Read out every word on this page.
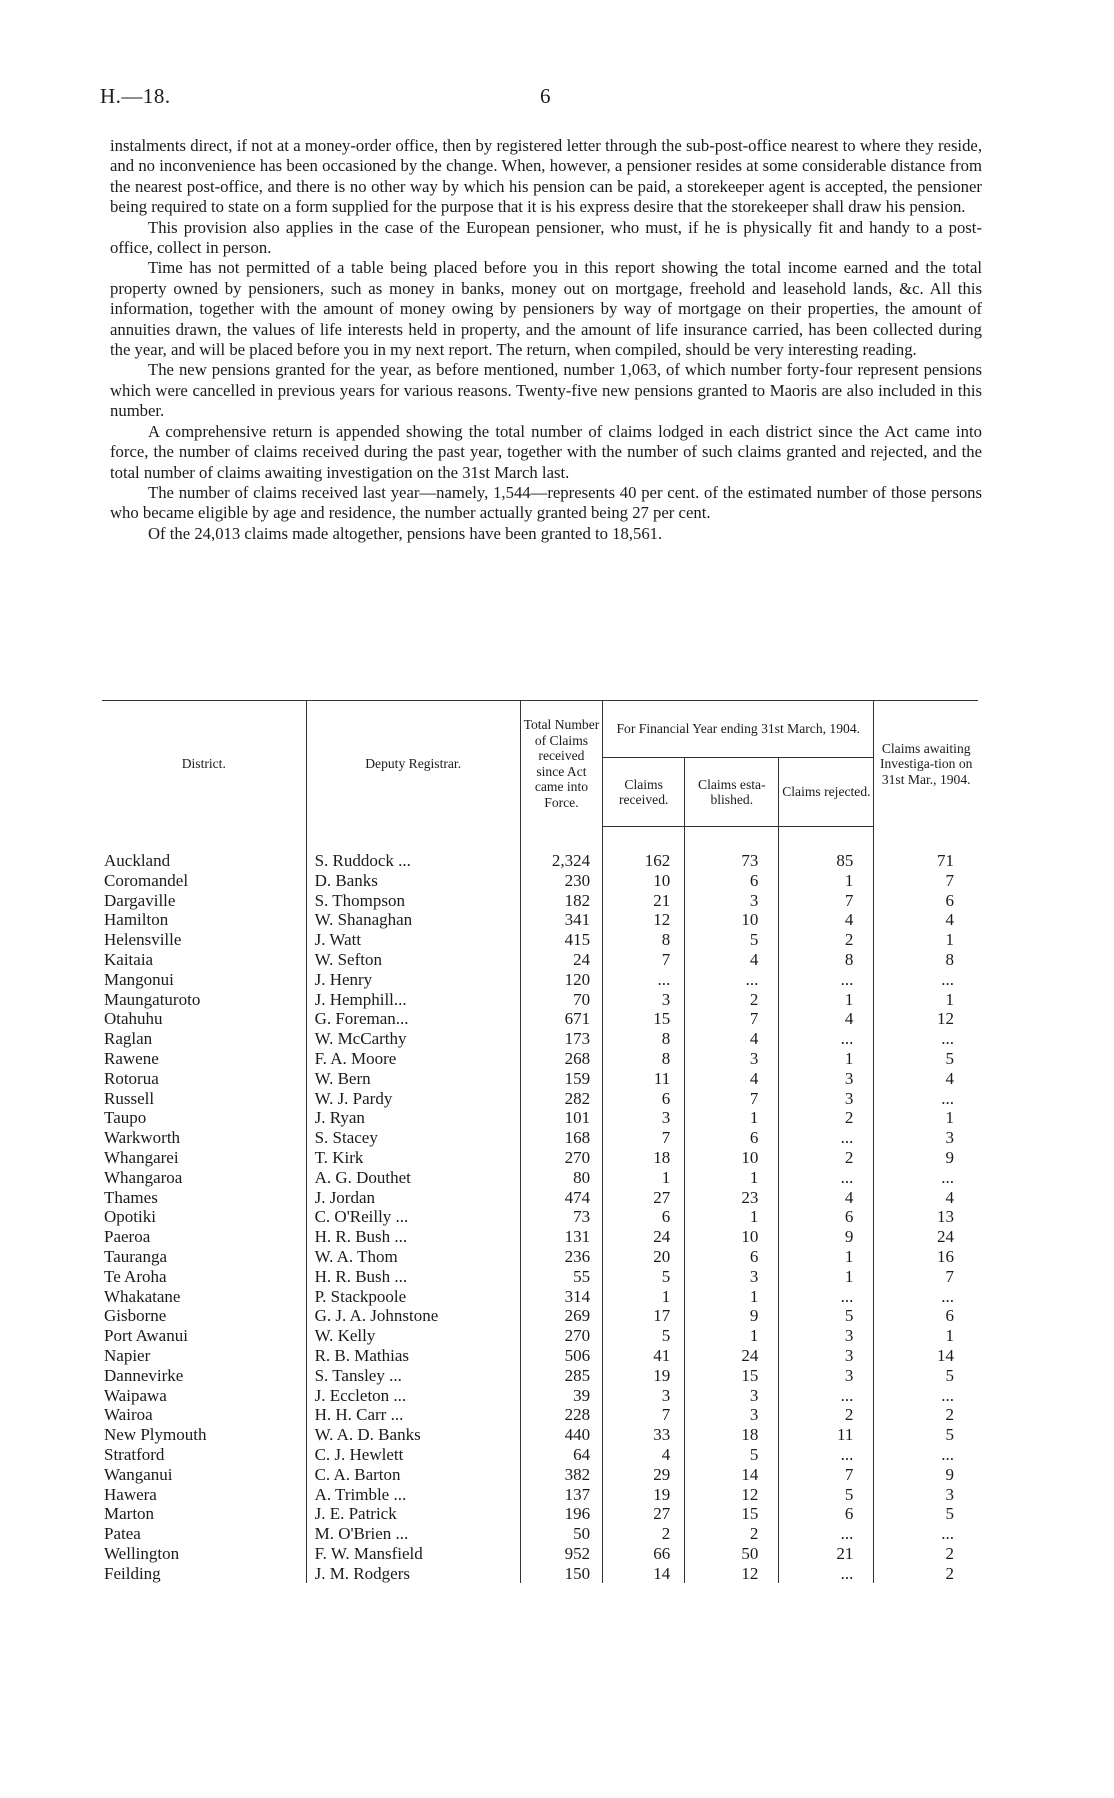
H.—18.	6

instalments direct, if not at a money-order office, then by registered letter through the sub-post-office nearest to where they reside, and no inconvenience has been occasioned by the change. When, however, a pensioner resides at some considerable distance from the nearest post-office, and there is no other way by which his pension can be paid, a storekeeper agent is accepted, the pensioner being required to state on a form supplied for the purpose that it is his express desire that the storekeeper shall draw his pension.

This provision also applies in the case of the European pensioner, who must, if he is physically fit and handy to a post-office, collect in person.

Time has not permitted of a table being placed before you in this report showing the total income earned and the total property owned by pensioners, such as money in banks, money out on mortgage, freehold and leasehold lands, &c. All this information, together with the amount of money owing by pensioners by way of mortgage on their properties, the amount of annuities drawn, the values of life interests held in property, and the amount of life insurance carried, has been collected during the year, and will be placed before you in my next report. The return, when compiled, should be very interesting reading.

The new pensions granted for the year, as before mentioned, number 1,063, of which number forty-four represent pensions which were cancelled in previous years for various reasons. Twenty-five new pensions granted to Maoris are also included in this number.

A comprehensive return is appended showing the total number of claims lodged in each district since the Act came into force, the number of claims received during the past year, together with the number of such claims granted and rejected, and the total number of claims awaiting investigation on the 31st March last.

The number of claims received last year—namely, 1,544—represents 40 per cent. of the estimated number of those persons who became eligible by age and residence, the number actually granted being 27 per cent.

Of the 24,013 claims made altogether, pensions have been granted to 18,561.

District.	Deputy Registrar.	Total Number of Claims received since Act came into Force.	For Financial Year ending 31st March, 1904.			Claims awaiting Investiga-tion on 31st Mar., 1904.
			Claims received.	Claims esta-blished.	Claims rejected.	

Auckland	S. Ruddock ...	2,324	162	73	85	71
Coromandel	D. Banks	230	10	6	1	7
Dargaville	S. Thompson	182	21	3	7	6
Hamilton	W. Shanaghan	341	12	10	4	4
Helensville	J. Watt	415	8	5	2	1
Kaitaia	W. Sefton	24	7	4	8	8
Mangonui	J. Henry	120	...	...	...	...
Maungaturoto	J. Hemphill...	70	3	2	1	1
Otahuhu	G. Foreman...	671	15	7	4	12
Raglan	W. McCarthy	173	8	4	...	...
Rawene	F. A. Moore	268	8	3	1	5
Rotorua	W. Bern	159	11	4	3	4
Russell	W. J. Pardy	282	6	7	3	...
Taupo	J. Ryan	101	3	1	2	1
Warkworth	S. Stacey	168	7	6	...	3
Whangarei	T. Kirk	270	18	10	2	9
Whangaroa	A. G. Douthet	80	1	1	...	...
Thames	J. Jordan	474	27	23	4	4
Opotiki	C. O'Reilly ...	73	6	1	6	13
Paeroa	H. R. Bush ...	131	24	10	9	24
Tauranga	W. A. Thom	236	20	6	1	16
Te Aroha	H. R. Bush ...	55	5	3	1	7
Whakatane	P. Stackpoole	314	1	1	...	...
Gisborne	G. J. A. Johnstone	269	17	9	5	6
Port Awanui	W. Kelly	270	5	1	3	1
Napier	R. B. Mathias	506	41	24	3	14
Dannevirke	S. Tansley ...	285	19	15	3	5
Waipawa	J. Eccleton ...	39	3	3	...	...
Wairoa	H. H. Carr ...	228	7	3	2	2
New Plymouth	W. A. D. Banks	440	33	18	11	5
Stratford	C. J. Hewlett	64	4	5	...	...
Wanganui	C. A. Barton	382	29	14	7	9
Hawera	A. Trimble ...	137	19	12	5	3
Marton	J. E. Patrick	196	27	15	6	5
Patea	M. O'Brien ...	50	2	2	...	...
Wellington	F. W. Mansfield	952	66	50	21	2
Feilding	J. M. Rodgers	150	14	12	...	2
